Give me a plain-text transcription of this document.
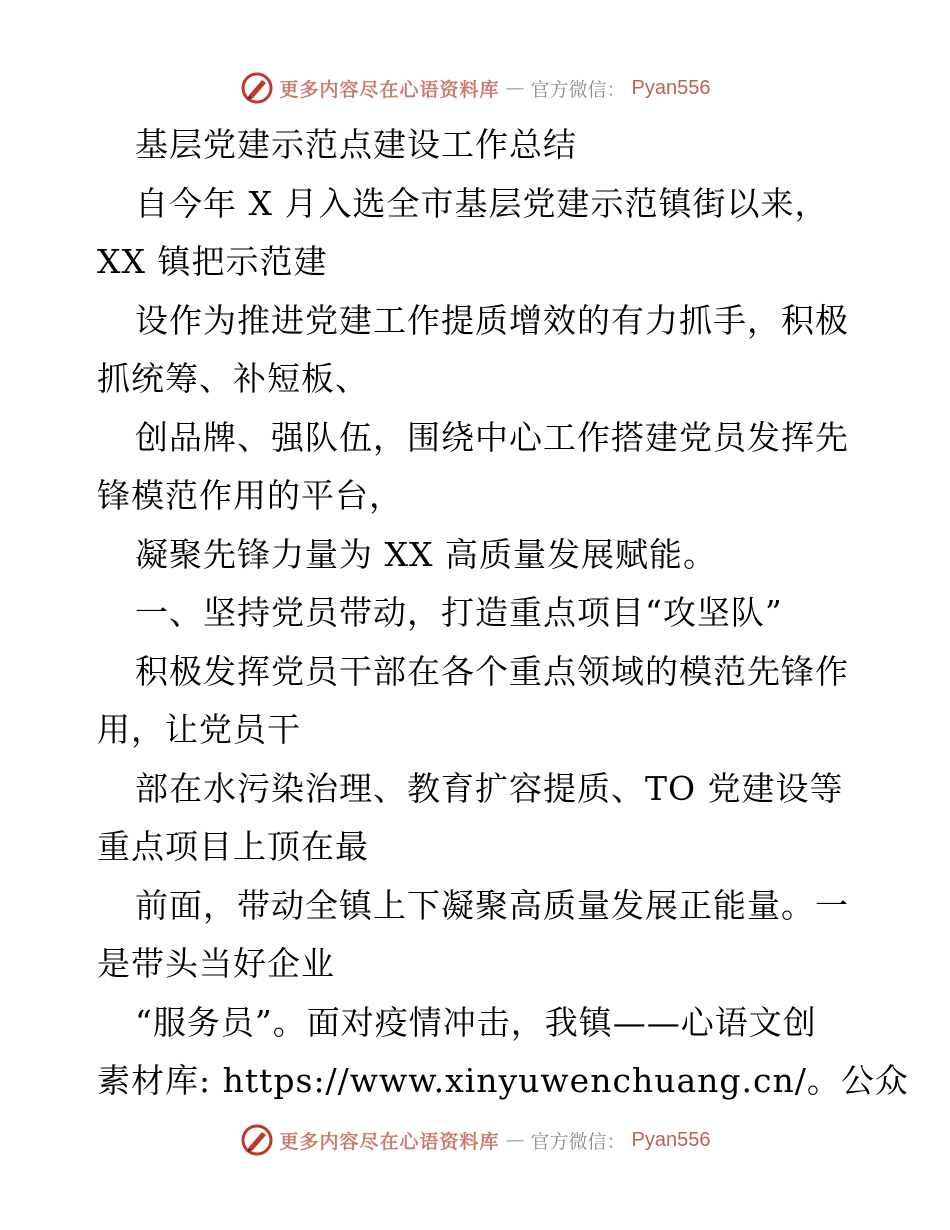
更多内容尽在心语资料库 — 官方微信： Pyan556
基层党建示范点建设工作总结
自今年 X 月入选全市基层党建示范镇街以来，
XX 镇把示范建
设作为推进党建工作提质增效的有力抓手，积极
抓统筹、补短板、
创品牌、强队伍，围绕中心工作搭建党员发挥先
锋模范作用的平台，
凝聚先锋力量为 XX 高质量发展赋能。
一、坚持党员带动，打造重点项目“攻坚队”
积极发挥党员干部在各个重点领域的模范先锋作
用，让党员干
部在水污染治理、教育扩容提质、TO 党建设等
重点项目上顶在最
前面，带动全镇上下凝聚高质量发展正能量。一
是带头当好企业
“服务员”。面对疫情冲击，我镇——心语文创
素材库: https://www.xinyuwenchuang.cn/。公众
更多内容尽在心语资料库 — 官方微信： Pyan556
